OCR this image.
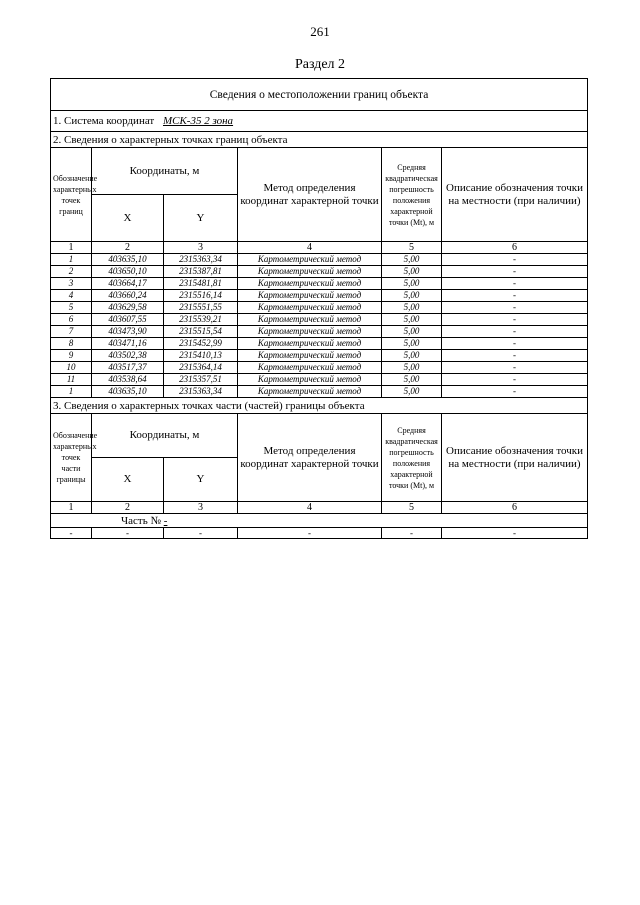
261
Раздел 2
Сведения о местоположении границ объекта					
1. Система координат МСК-35 2 зона					
2. Сведения о характерных точках границ объекта					
Обозначение характерных точек границ	Координаты, м		Метод определения координат характерной точки	Средняя квадратическая погрешность положения характерной точки (Mt), м	Описание обозначения точки на местности (при наличии)
	X	Y			
1	2	3	4	5	6
1	403635,10	2315363,34	Картометрический метод	5,00	-
2	403650,10	2315387,81	Картометрический метод	5,00	-
3	403664,17	2315481,81	Картометрический метод	5,00	-
4	403660,24	2315516,14	Картометрический метод	5,00	-
5	403629,58	2315551,55	Картометрический метод	5,00	-
6	403607,55	2315539,21	Картометрический метод	5,00	-
7	403473,90	2315515,54	Картометрический метод	5,00	-
8	403471,16	2315452,99	Картометрический метод	5,00	-
9	403502,38	2315410,13	Картометрический метод	5,00	-
10	403517,37	2315364,14	Картометрический метод	5,00	-
11	403538,64	2315357,51	Картометрический метод	5,00	-
1	403635,10	2315363,34	Картометрический метод	5,00	-
3. Сведения о характерных точках части (частей) границы объекта					
Обозначение характерных точек части границы	Координаты, м		Метод определения координат характерной точки	Средняя квадратическая погрешность положения характерной точки (Mt), м	Описание обозначения точки на местности (при наличии)
	X	Y			
1	2	3	4	5	6
Часть № -					
-	-	-	-	-	-
